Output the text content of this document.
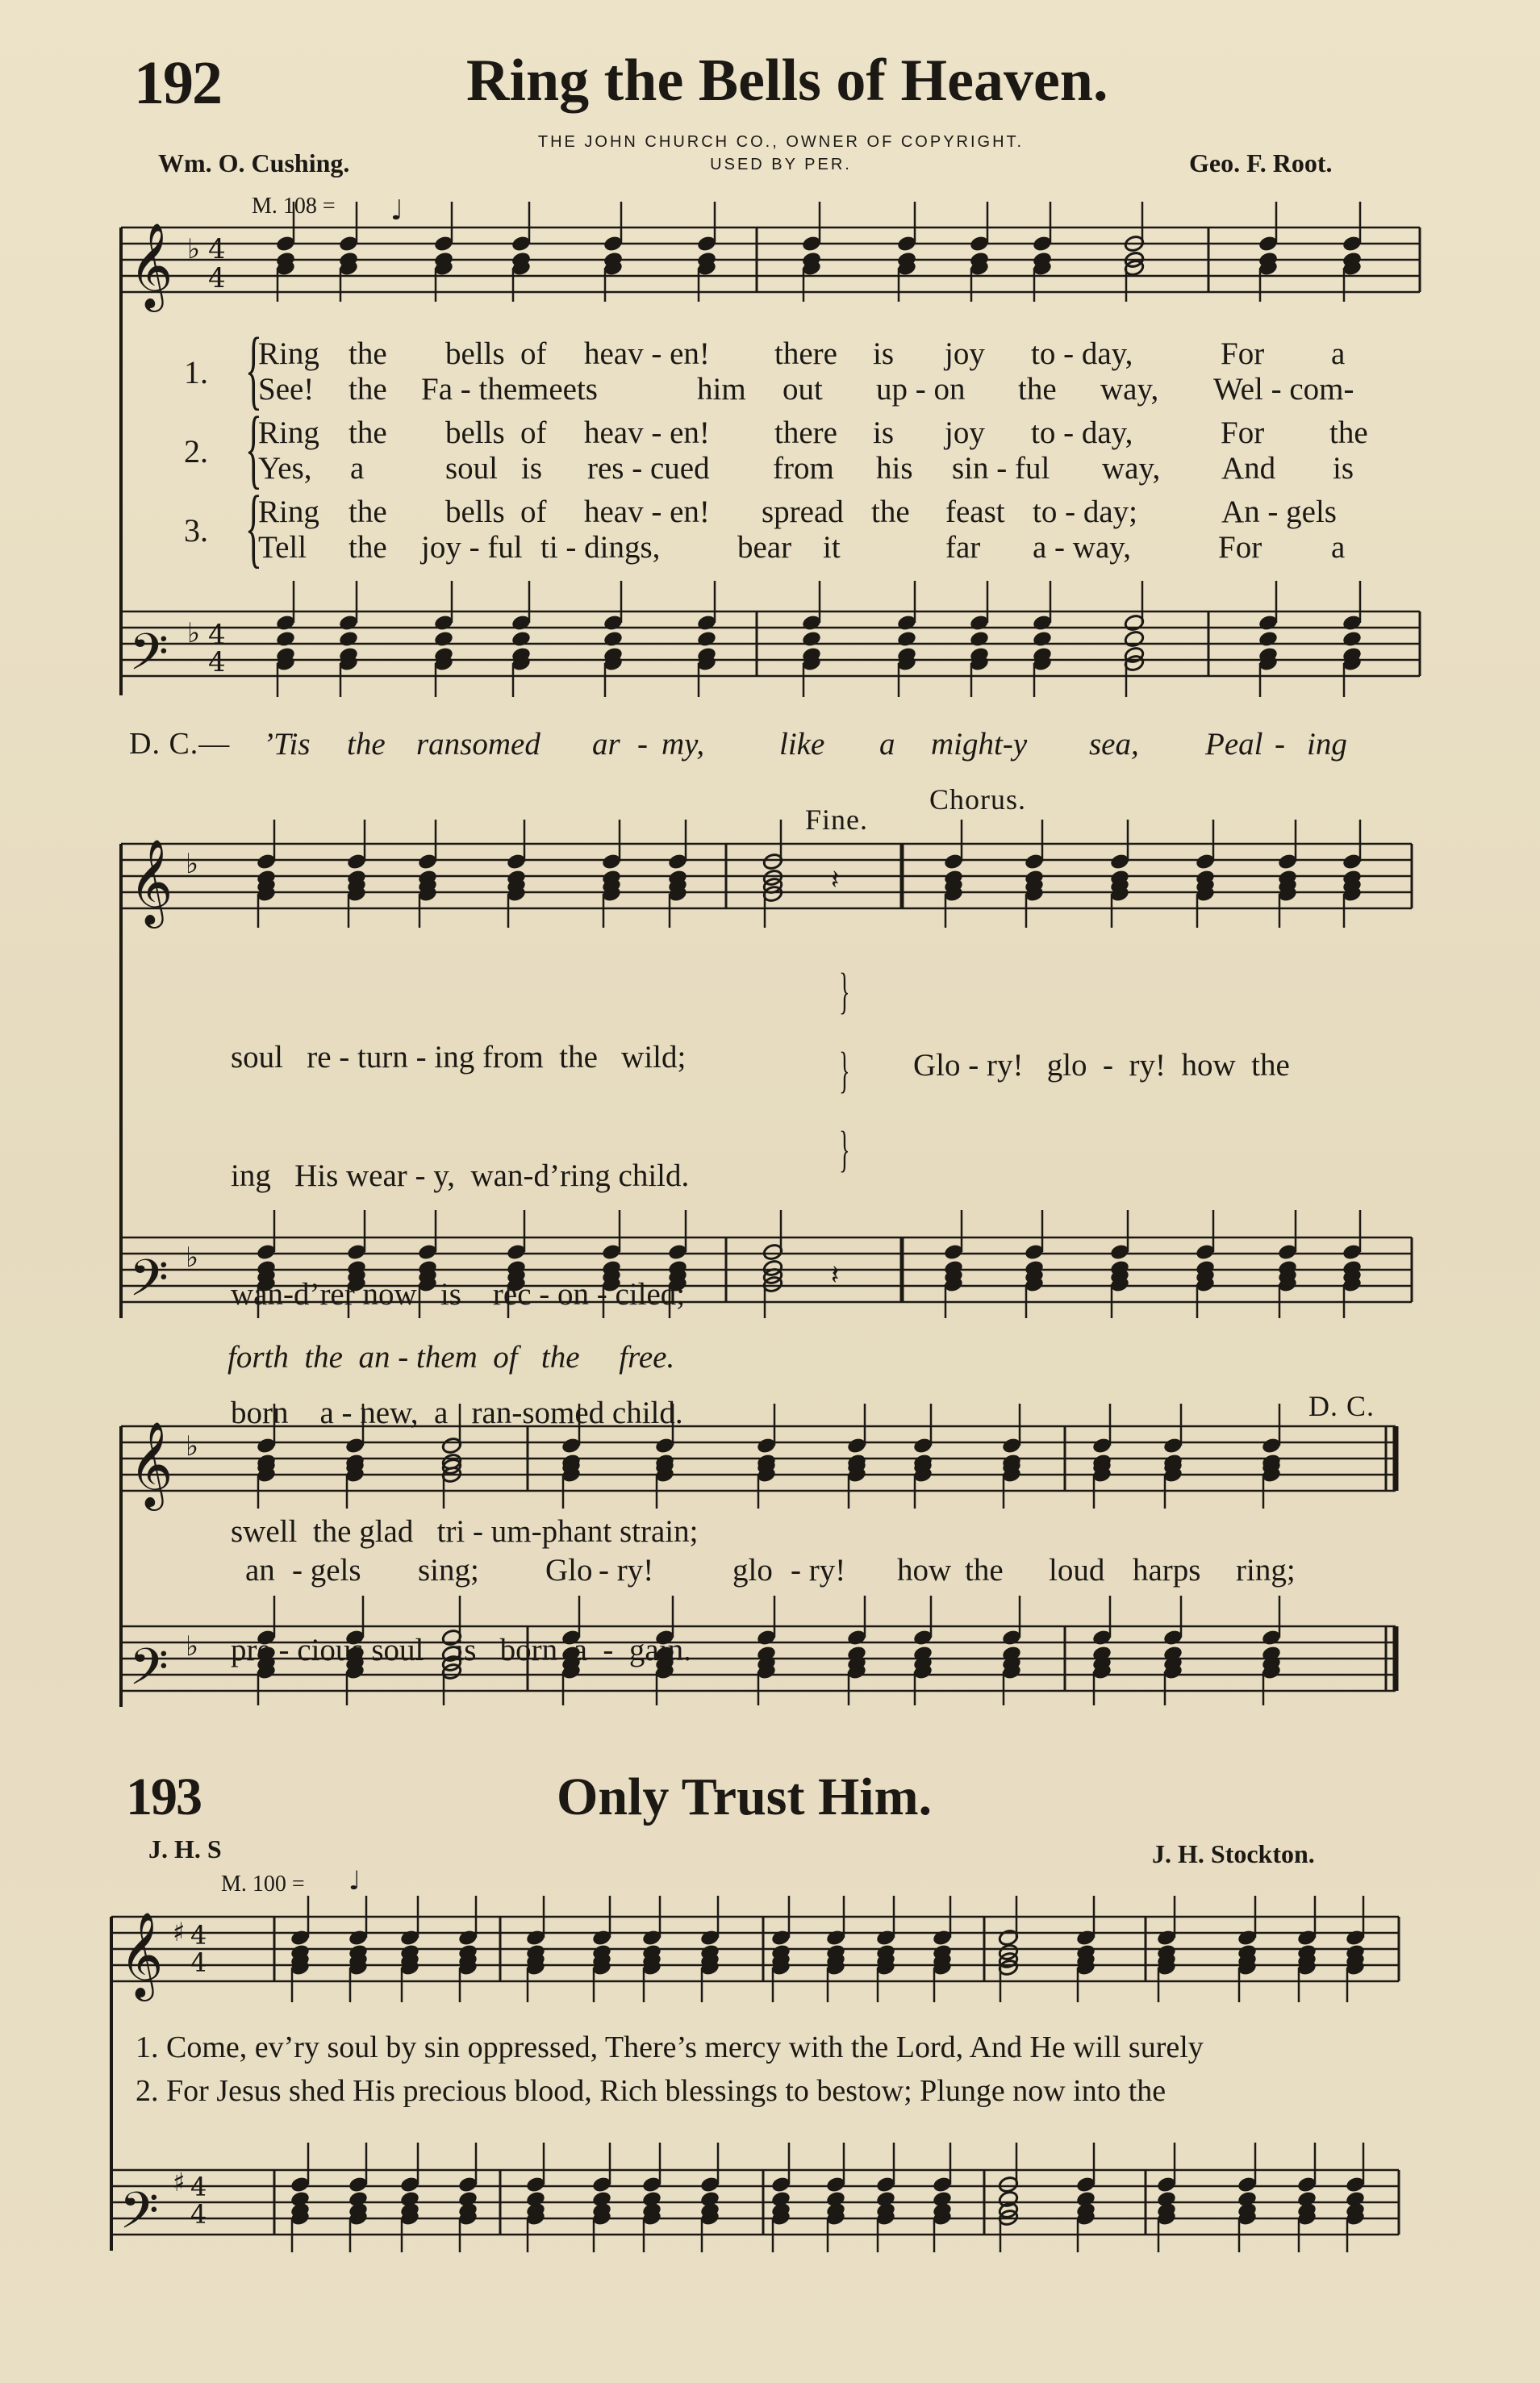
192	Ring the Bells of Heaven.
THE JOHN CHURCH CO., OWNER OF COPYRIGHT.
USED BY PER.
Wm. O. Cushing.	Geo. F. Root.
M. 108 =
𝄞
𝄢
♭
♭
4
4
4
4
♩
𝄞
𝄢
♭
♭
𝄽
𝄽
𝄞
𝄢
♭
♭
𝄞
𝄢
♯
♯
4
4
4
4
♩
1.
2.
3.
{
{
{
Ring the bells of heav - en! there is joy to - day,	For a
See! the Fa - ther
meets	him out up - on the way, Wel - com-
Ring the bells of heav - en! there is joy to - day,	For the
Yes, a	soul is res - cued from his sin - ful way, And is
Ring the bells of heav - en! spread the feast to - day;	An - gels
Tell the joy - ful ti - dings, bear it	far a - way,	For a
D. C.— ’Tis the ransomed ar - my, like a might-y sea, Peal - ing
Fine.
Chorus.

soul   re - turn - ing from  the   wild;

ing   His wear - y,  wan-d’ring child.

wan-d’rer now   is    rec - on - ciled;

born    a - new,  a   ran-somed child.

swell  the glad   tri - um-phant strain;

pre - cious soul    is   born  a  -  gain.

}
}
}
Glo - ry!   glo  -  ry!  how  the
forth  the  an - them  of   the     free.
D. C.
an - gels sing; Glo - ry!	glo - ry! how the loud harps ring;
193	Only Trust Him.
J. H. S	J. H. Stockton.
M. 100 =
1. Come, ev’ry soul by sin oppressed, There’s mercy with the Lord, And He will surely
2. For Jesus shed His precious blood, Rich blessings to bestow; Plunge now into the
